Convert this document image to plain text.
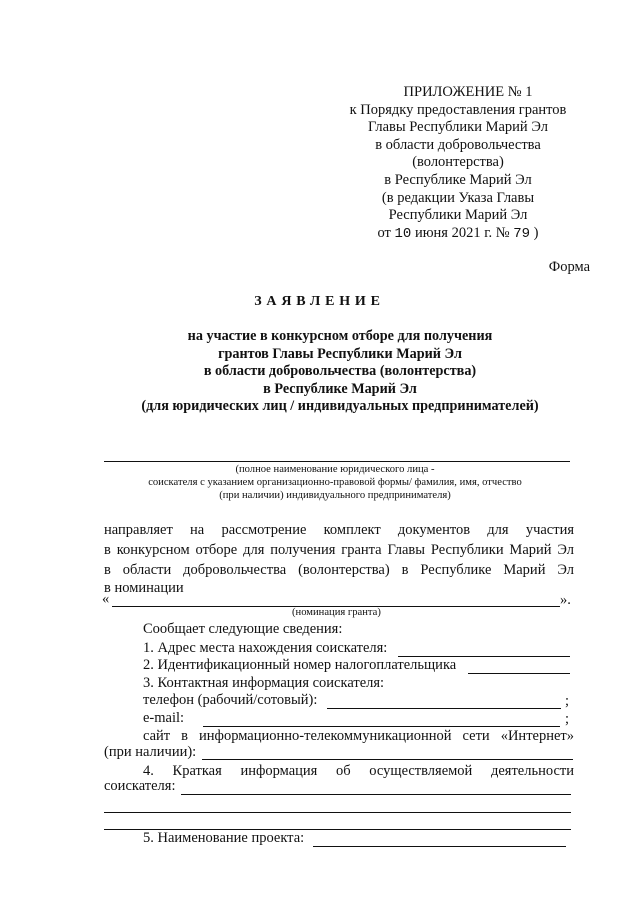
ПРИЛОЖЕНИЕ № 1
к Порядку предоставления грантов
Главы Республики Марий Эл
в области добровольчества
(волонтерства)
в Республике Марий Эл
(в редакции Указа Главы
Республики Марий Эл
от 10 июня 2021 г. № 79 )
Форма
ЗАЯВЛЕНИЕ
на участие в конкурсном отборе для получения
грантов Главы Республики Марий Эл
в области добровольчества (волонтерства)
в Республике Марий Эл
(для юридических лиц / индивидуальных предпринимателей)
(полное наименование юридического лица -
соискателя с указанием организационно-правовой формы/ фамилия, имя, отчество
(при наличии) индивидуального предпринимателя)
направляет на рассмотрение комплект документов для участия
в конкурсном отборе для получения гранта Главы Республики Марий Эл
в области добровольчества (волонтерства) в Республике Марий Эл
в номинации
«	».
(номинация гранта)
Сообщает следующие сведения:
1. Адрес места нахождения соискателя:
2. Идентификационный номер налогоплательщика
3. Контактная информация соискателя:
телефон (рабочий/сотовый):	;
e-mail:	;
сайт в информационно-телекоммуникационной сети «Интернет»
(при наличии):
4. Краткая информация об осуществляемой деятельности
соискателя:
5. Наименование проекта:
